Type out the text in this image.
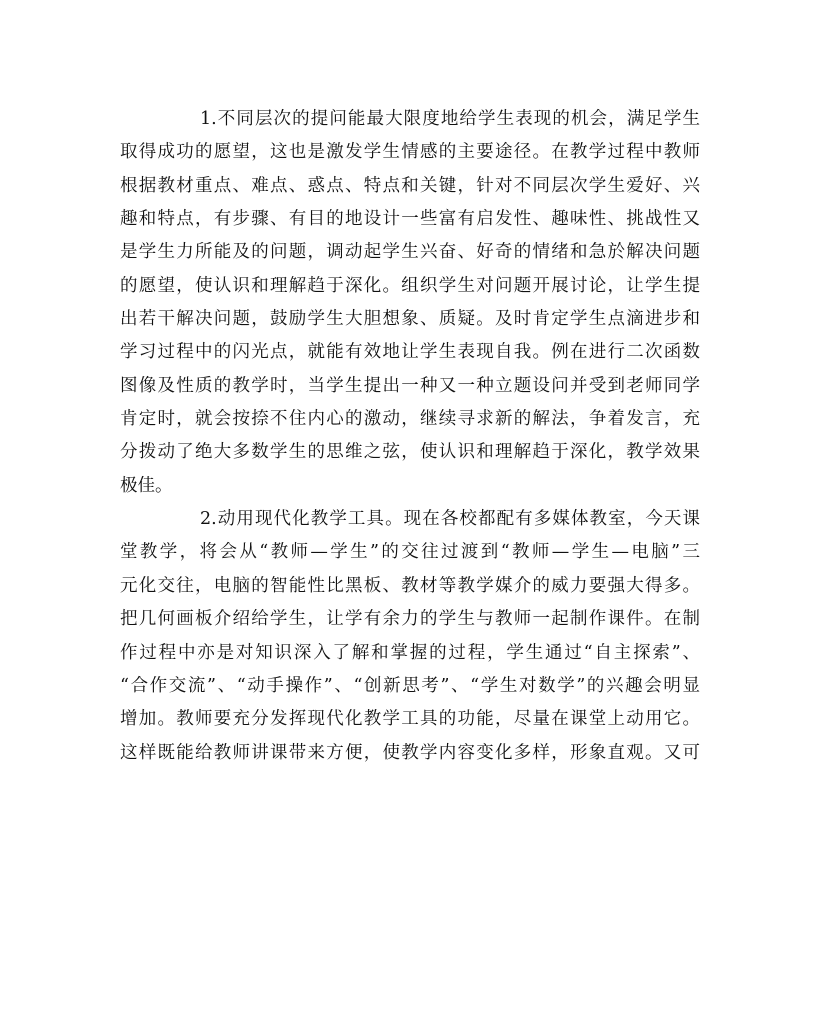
1.不同层次的提问能最大限度地给学生表现的机会，满足学生
取得成功的愿望，这也是激发学生情感的主要途径。在教学过程中教师
根据教材重点、难点、惑点、特点和关键，针对不同层次学生爱好、兴
趣和特点，有步骤、有目的地设计一些富有启发性、趣味性、挑战性又
是学生力所能及的问题，调动起学生兴奋、好奇的情绪和急於解决问题
的愿望，使认识和理解趋于深化。组织学生对问题开展讨论，让学生提
出若干解决问题，鼓励学生大胆想象、质疑。及时肯定学生点滴进步和
学习过程中的闪光点，就能有效地让学生表现自我。例在进行二次函数
图像及性质的教学时，当学生提出一种又一种立题设问并受到老师同学
肯定时，就会按捺不住内心的激动，继续寻求新的解法，争着发言，充
分拨动了绝大多数学生的思维之弦，使认识和理解趋于深化，教学效果
极佳。
2.动用现代化教学工具。现在各校都配有多媒体教室，今天课
堂教学，将会从“教师—学生”的交往过渡到“教师—学生—电脑”三
元化交往，电脑的智能性比黑板、教材等教学媒介的威力要强大得多。
把几何画板介绍给学生，让学有余力的学生与教师一起制作课件。在制
作过程中亦是对知识深入了解和掌握的过程，学生通过“自主探索”、
“合作交流”、“动手操作”、“创新思考”、“学生对数学”的兴趣会明显
增加。教师要充分发挥现代化教学工具的功能，尽量在课堂上动用它。
这样既能给教师讲课带来方便，使教学内容变化多样，形象直观。又可
